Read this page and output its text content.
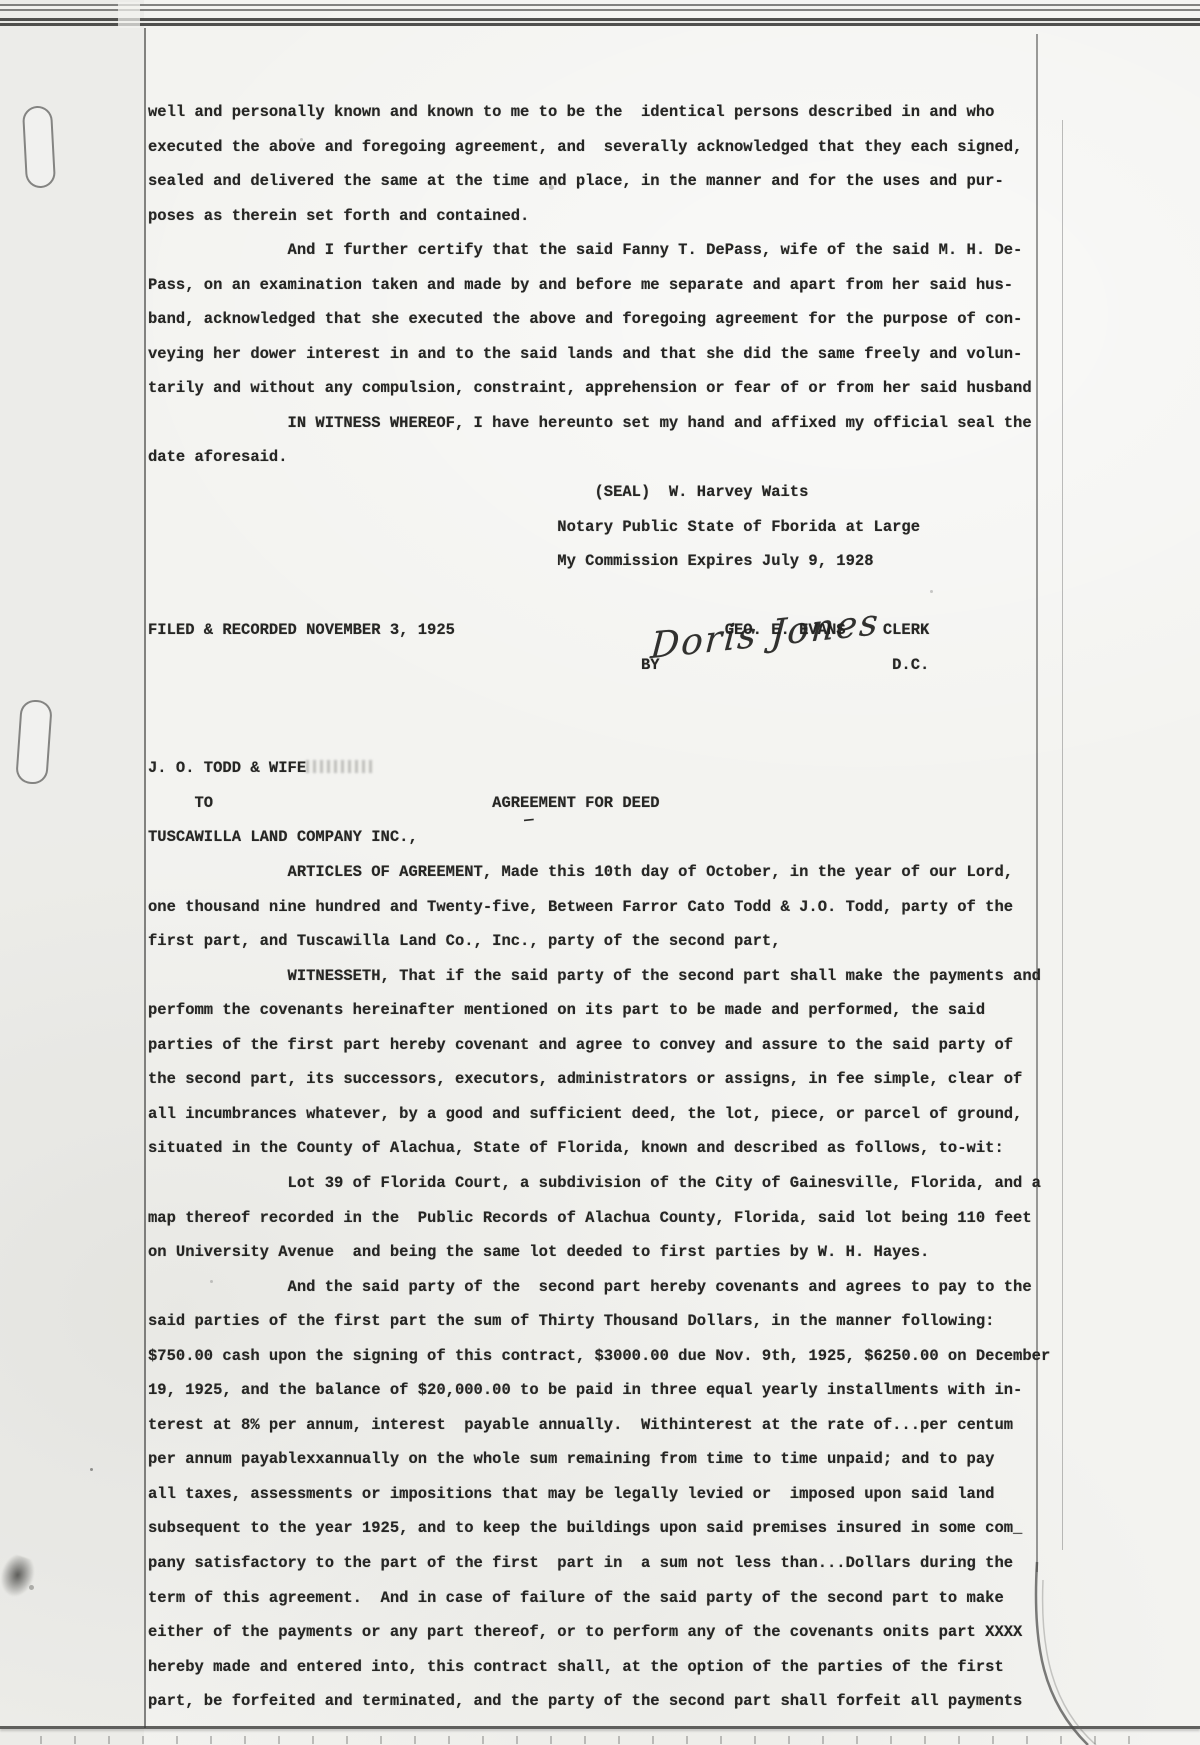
well and personally known and known to me to be the  identical persons described in and who
executed the above and foregoing agreement, and  severally acknowledged that they each signed,
sealed and delivered the same at the time and place, in the manner and for the uses and pur-
poses as therein set forth and contained.
And I further certify that the said Fanny T. DePass, wife of the said M. H. De-
Pass, on an examination taken and made by and before me separate and apart from her said hus-
band, acknowledged that she executed the above and foregoing agreement for the purpose of con-
veying her dower interest in and to the said lands and that she did the same freely and volun-
tarily and without any compulsion, constraint, apprehension or fear of or from her said husband
IN WITNESS WHEREOF, I have hereunto set my hand and affixed my official seal the
date aforesaid.
(SEAL)  W. Harvey Waits
Notary Public State of Fborida at Large
My Commission Expires July 9, 1928
FILED & RECORDED NOVEMBER 3, 1925                             GEO. E. EVANS    CLERK
BY                         D.C.
J. O. TODD & WIFE
TO                              AGREEMENT FOR DEED
TUSCAWILLA LAND COMPANY INC.,
ARTICLES OF AGREEMENT, Made this 10th day of October, in the year of our Lord,
one thousand nine hundred and Twenty-five, Between Farror Cato Todd & J.O. Todd, party of the
first part, and Tuscawilla Land Co., Inc., party of the second part,
WITNESSETH, That if the said party of the second part shall make the payments and
perfomm the covenants hereinafter mentioned on its part to be made and performed, the said
parties of the first part hereby covenant and agree to convey and assure to the said party of
the second part, its successors, executors, administrators or assigns, in fee simple, clear of
all incumbrances whatever, by a good and sufficient deed, the lot, piece, or parcel of ground,
situated in the County of Alachua, State of Florida, known and described as follows, to-wit:
Lot 39 of Florida Court, a subdivision of the City of Gainesville, Florida, and a
map thereof recorded in the  Public Records of Alachua County, Florida, said lot being 110 feet
on University Avenue  and being the same lot deeded to first parties by W. H. Hayes.
And the said party of the  second part hereby covenants and agrees to pay to the
said parties of the first part the sum of Thirty Thousand Dollars, in the manner following:
$750.00 cash upon the signing of this contract, $3000.00 due Nov. 9th, 1925, $6250.00 on December
19, 1925, and the balance of $20,000.00 to be paid in three equal yearly installments with in-
terest at 8% per annum, interest  payable annually.  Withinterest at the rate of...per centum
per annum payablexxannually on the whole sum remaining from time to time unpaid; and to pay
all taxes, assessments or impositions that may be legally levied or  imposed upon said land
subsequent to the year 1925, and to keep the buildings upon said premises insured in some com_
pany satisfactory to the part of the first  part in  a sum not less than...Dollars during the
term of this agreement.  And in case of failure of the said party of the second part to make
either of the payments or any part thereof, or to perform any of the covenants onits part XXXX
hereby made and entered into, this contract shall, at the option of the parties of the first
part, be forfeited and terminated, and the party of the second part shall forfeit all payments
Doris Jones
—
